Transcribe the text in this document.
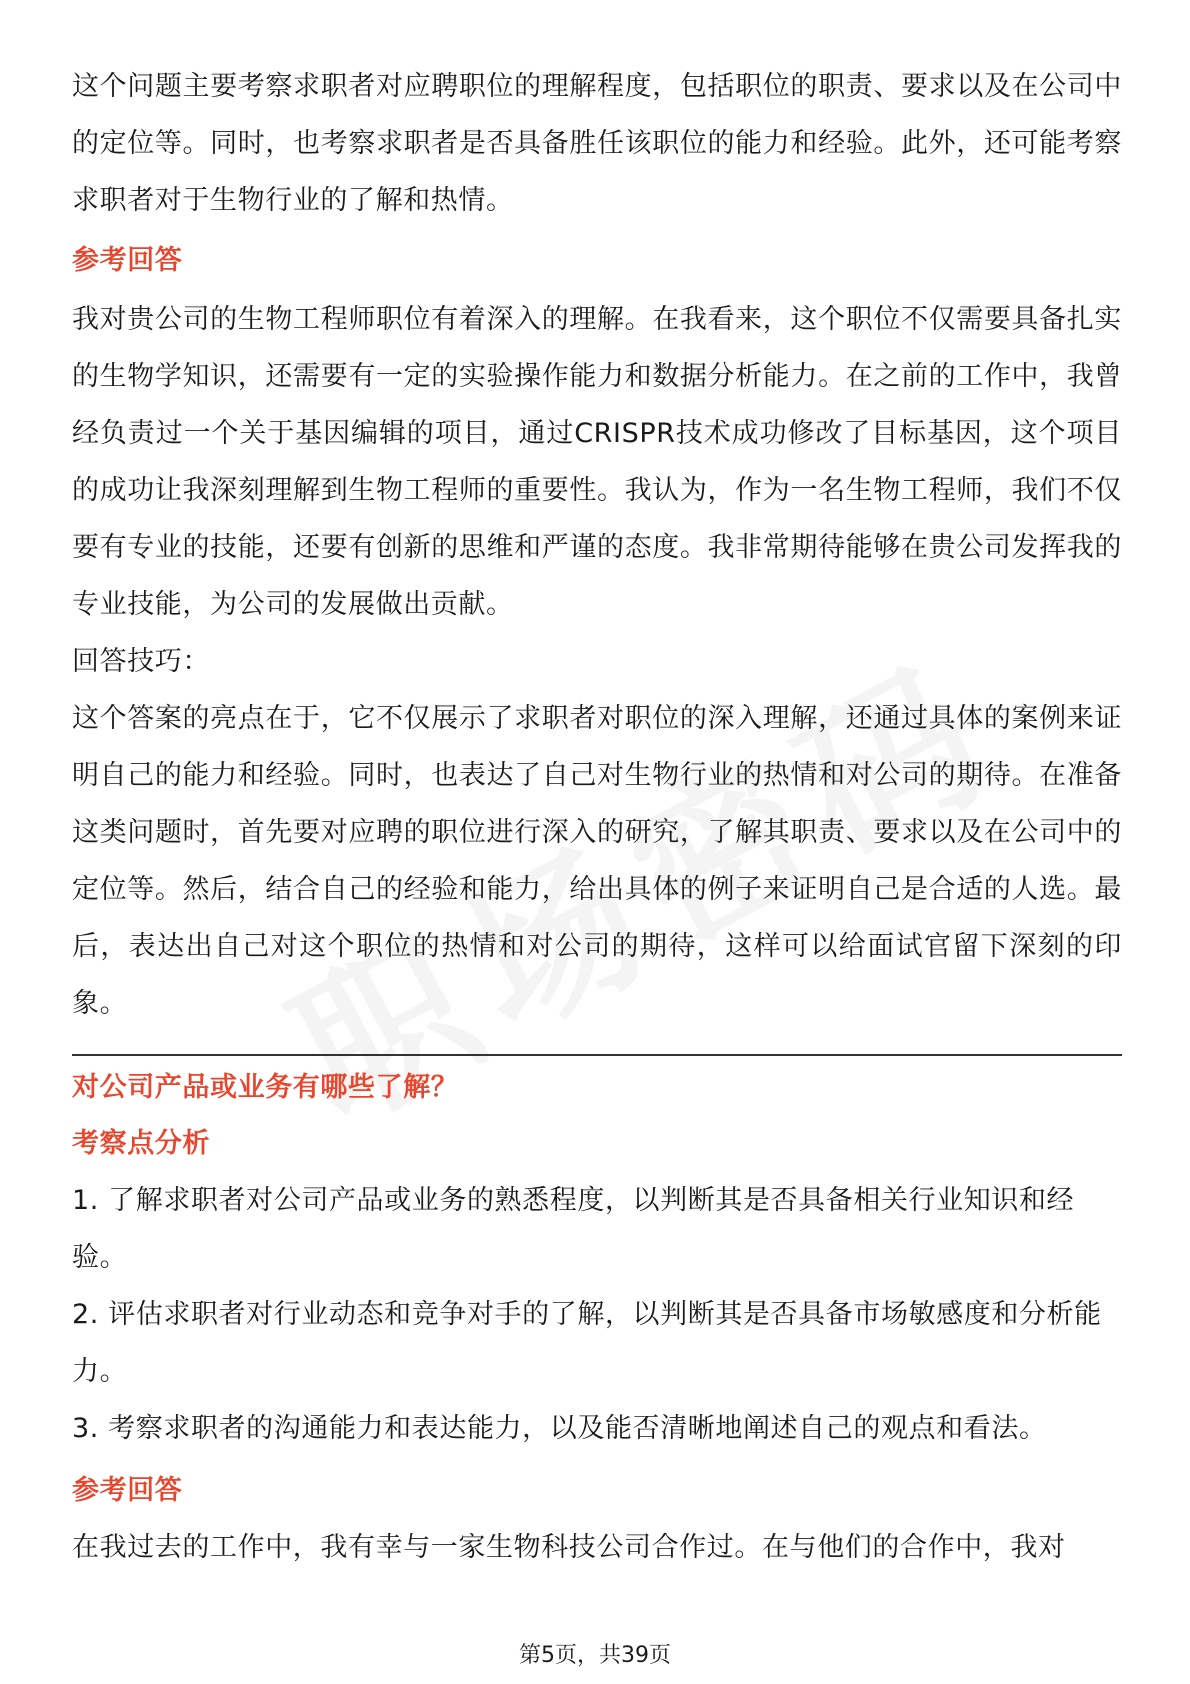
这个问题主要考察求职者对应聘职位的理解程度，包括职位的职责、要求以及在公司中的定位等。同时，也考察求职者是否具备胜任该职位的能力和经验。此外，还可能考察求职者对于生物行业的了解和热情。

参考回答

我对贵公司的生物工程师职位有着深入的理解。在我看来，这个职位不仅需要具备扎实的生物学知识，还需要有一定的实验操作能力和数据分析能力。在之前的工作中，我曾经负责过一个关于基因编辑的项目，通过CRISPR技术成功修改了目标基因，这个项目的成功让我深刻理解到生物工程师的重要性。我认为，作为一名生物工程师，我们不仅要有专业的技能，还要有创新的思维和严谨的态度。我非常期待能够在贵公司发挥我的专业技能，为公司的发展做出贡献。

回答技巧：

这个答案的亮点在于，它不仅展示了求职者对职位的深入理解，还通过具体的案例来证明自己的能力和经验。同时，也表达了自己对生物行业的热情和对公司的期待。在准备这类问题时，首先要对应聘的职位进行深入的研究，了解其职责、要求以及在公司中的定位等。然后，结合自己的经验和能力，给出具体的例子来证明自己是合适的人选。最后，表达出自己对这个职位的热情和对公司的期待，这样可以给面试官留下深刻的印象。

对公司产品或业务有哪些了解？
考察点分析

1. 了解求职者对公司产品或业务的熟悉程度，以判断其是否具备相关行业知识和经验。

2. 评估求职者对行业动态和竞争对手的了解，以判断其是否具备市场敏感度和分析能力。

3. 考察求职者的沟通能力和表达能力，以及能否清晰地阐述自己的观点和看法。

参考回答

在我过去的工作中，我有幸与一家生物科技公司合作过。在与他们的合作中，我对

第5页，共39页
